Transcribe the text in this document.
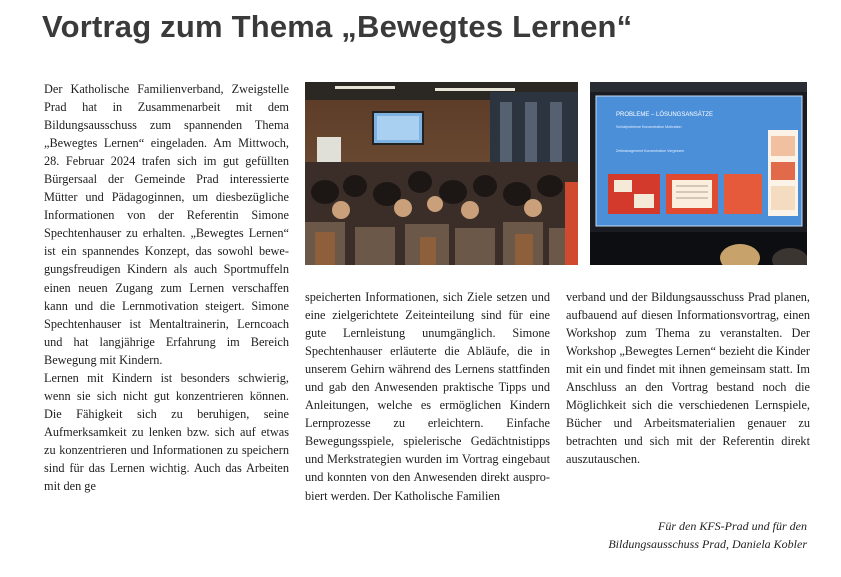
Vortrag zum Thema „Bewegtes Lernen“

Der Katholische Familienverband, Zweigstelle Prad hat in Zusammenarbeit mit dem Bildungsausschuss zum spannenden Thema „Bewegtes Lernen“ eingeladen. Am Mittwoch, 28. Februar 2024 trafen sich im gut gefüllten Bürgersaal der Gemeinde Prad interessierte Mütter und Pädagoginnen, um diesbezügliche Informationen von der Referentin Simone Spechtenhauser zu erhalten. „Bewegtes Lernen“ ist ein spannendes Konzept, das sowohl bewegungsfreudigen Kindern als auch Sportmuffeln einen neuen Zugang zum Lernen verschaffen kann und die Lernmotivation steigert. Simone Spechtenhauser ist Mentaltrainerin, Lerncoach und hat langjährige Erfahrung im Bereich Bewegung mit Kindern.

Lernen mit Kindern ist besonders schwierig, wenn sie sich nicht gut konzentrieren können. Die Fähigkeit sich zu beruhigen, seine Aufmerksamkeit zu lenken bzw. sich auf etwas zu konzentrieren und Informationen zu speichern sind für das Lernen wichtig. Auch das Arbeiten mit den ge

PROBLEME – LÖSUNGSANSÄTZE
Schlafprobleme Konzentration Motivation
Zeitmanagement Konzentration Vergessen

speicherten Informationen, sich Ziele setzen und eine zielgerichtete Zeiteinteilung sind für eine gute Lernleistung unumgänglich. Simone Spechtenhauser erläuterte die Abläufe, die in unserem Gehirn während des Lernens stattfinden und gab den Anwesenden praktische Tipps und Anleitungen, welche es ermöglichen Kindern Lernprozesse zu erleichtern. Einfache Bewegungsspiele, spielerische Gedächtnistipps und Merkstrategien wurden im Vortrag eingebaut und konnten von den Anwesenden direkt ausprobiert werden. Der Katholische Familien

verband und der Bildungsausschuss Prad planen, aufbauend auf diesen Informationsvortrag, einen Workshop zum Thema zu veranstalten. Der Workshop „Bewegtes Lernen“ bezieht die Kinder mit ein und findet mit ihnen gemeinsam statt. Im Anschluss an den Vortrag bestand noch die Möglichkeit sich die verschiedenen Lernspiele, Bücher und Arbeitsmaterialien genauer zu betrachten und sich mit der Referentin direkt auszutauschen.

Für den KFS-Prad und für den
Bildungsausschuss Prad, Daniela Kobler
